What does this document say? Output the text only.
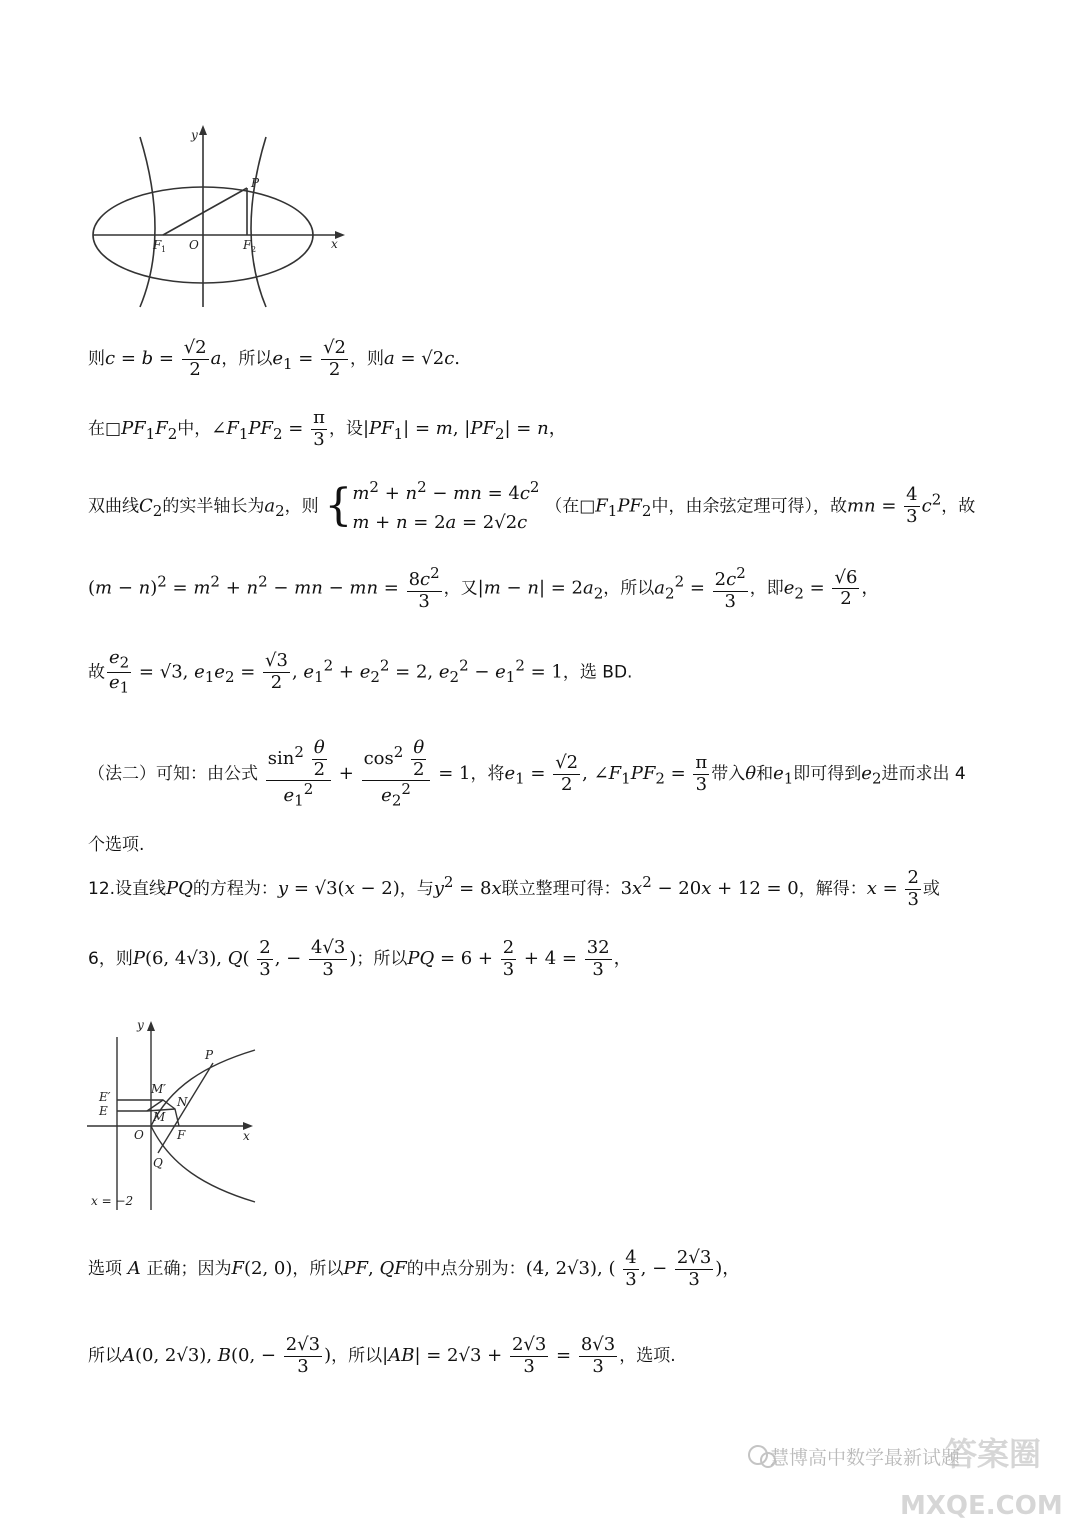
y
x
P
F 1 O	F 2
则$c = b = \frac{√2}{2}$ a，所以$e_1 = \frac{√2}{2}$ ，则a = √2c.
在$□PF_1F_2$中，$\angle F_1PF_2 = \frac{\pi}{3}$ ，设$|PF_1| = m$, $|PF_2| = n$，
双曲线$C_2$的实半轴长为$a_2$，则 { $m^2 + n^2$ − mn = $4c^2$
m + n = 2a = 2√2c
（在$□F_1PF_2$中，由余弦定理可得），故mn = $\frac{4}{3} c^2$，故
$(m - n)^2 = m^2 + n^2$ − mn − mn = $\frac{8c^2}{3}$ ，又$|m - n| = 2a_2$，所以$a_2^2 = \frac{2c^2}{3}$ ，即$e_2 = \frac{√6}{2}$ ，
故 $\frac{e_2}{e_1} = √3$, $e_1e_2 = \frac{√3}{2}$ , $e_1^2 + e_2^2 = 2$, $e_2^2 - e_1^2 = 1$，选 BD.
（法二）可知：由公式 $\frac{\sin^2 \frac{\theta}{2}}{e_1^2} + \frac{\cos^2 \frac{\theta}{2}}{e_2^2} = 1$，将$e_1 = \frac{√2}{2}$ , $\angle F_1PF_2 = \frac{\pi}{3}$ 带入θ和$e_1$即可得到$e_2$进而求出 4
个选项.
12.设直线PQ的方程为：y = √3(x − 2)，与$y^2 = 8x$联立整理可得：$3x^2 - 20x + 12 = 0$，解得：$x = \frac{2}{3}$ 或
6，则P(6, 4√3), $Q( \frac{2}{3}$ , − $\frac{4√3}{3}$ )；所以PQ = $6 + \frac{2}{3} + 4 = \frac{32}{3}$ ，
y
x
P
E′
E
M′
M
N
O	F
Q
x = −2
选项 A 正确；因为F(2, 0)，所以PF, QF的中点分别为：(4, 2√3), ( $\frac{4}{3}$ , − $\frac{2√3}{3}$ )，
所以A(0, 2√3), B(0, − $\frac{2√3}{3}$ )，所以$|AB| = 2√3 + \frac{2√3}{3} = \frac{8√3}{3}$ ，选项.
答案圈
MXQE.COM
慧博高中数学最新试题
